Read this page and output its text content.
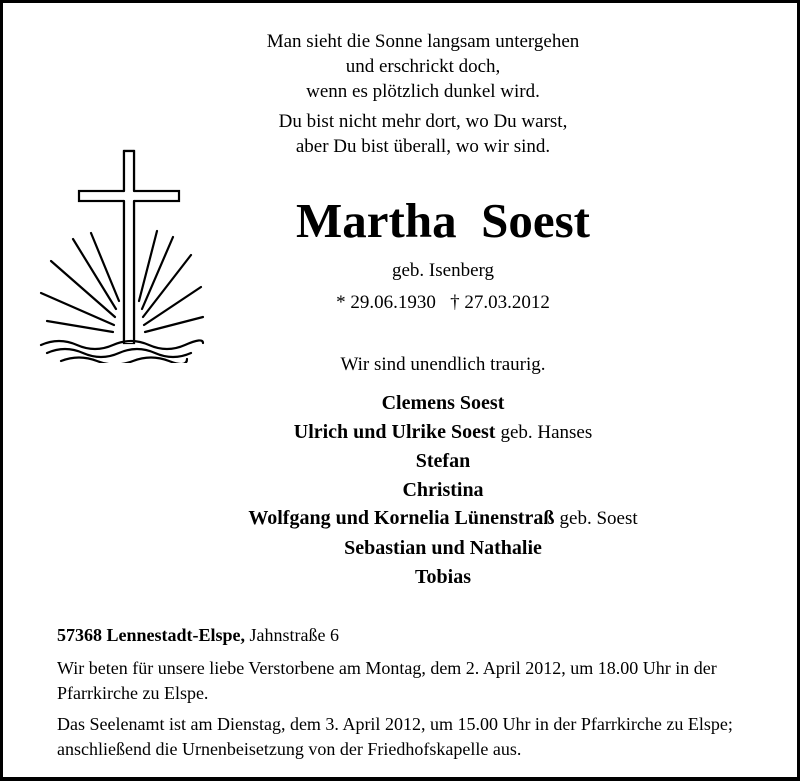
Man sieht die Sonne langsam untergehen
und erschrickt doch,
wenn es plötzlich dunkel wird.
Du bist nicht mehr dort, wo Du warst,
aber Du bist überall, wo wir sind.
Martha  Soest
geb. Isenberg
* 29.06.1930   † 27.03.2012
Wir sind unendlich traurig.
Clemens Soest
Ulrich und Ulrike Soest geb. Hanses
Stefan
Christina
Wolfgang und Kornelia Lünenstraß geb. Soest
Sebastian und Nathalie
Tobias
57368 Lennestadt-Elspe, Jahnstraße 6

Wir beten für unsere liebe Verstorbene am Montag, dem 2. April 2012, um 18.00 Uhr in der Pfarrkirche zu Elspe.

Das Seelenamt ist am Dienstag, dem 3. April 2012, um 15.00 Uhr in der Pfarrkirche zu Elspe; anschließend die Urnenbeisetzung von der Friedhofskapelle aus.
